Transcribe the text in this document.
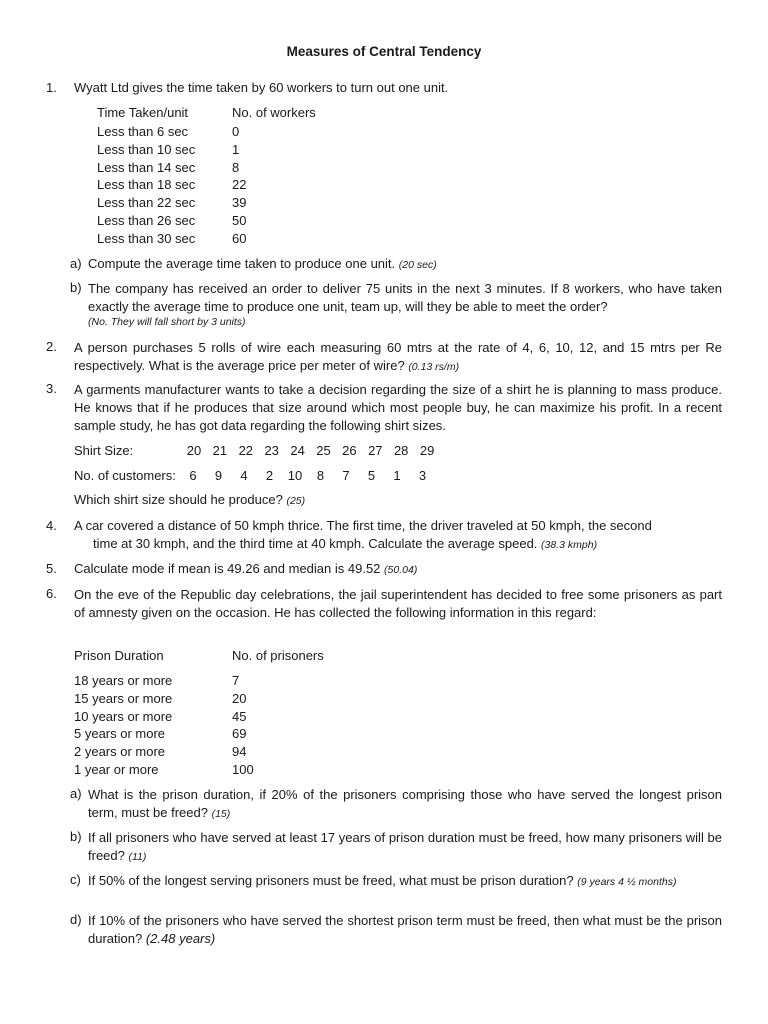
Measures of Central Tendency
1. Wyatt Ltd gives the time taken by 60 workers to turn out one unit.
Time Taken/unit	No. of workers
Less than 6 sec	0
Less than 10 sec	1
Less than 14 sec	8
Less than 18 sec	22
Less than 22 sec	39
Less than 26 sec	50
Less than 30 sec	60
a) Compute the average time taken to produce one unit. (20 sec)
b) The company has received an order to deliver 75 units in the next 3 minutes. If 8 workers, who have taken exactly the average time to produce one unit, team up, will they be able to meet the order?
(No. They will fall short by 3 units)
2. A person purchases 5 rolls of wire each measuring 60 mtrs at the rate of 4, 6, 10, 12, and 15 mtrs per Re respectively. What is the average price per meter of wire? (0.13 rs/m)
3. A garments manufacturer wants to take a decision regarding the size of a shirt he is planning to mass produce. He knows that if he produces that size around which most people buy, he can maximize his profit. In a recent sample study, he has got data regarding the following shirt sizes.
Shirt Size:	20 21 22 23 24 25 26 27 28 29
No. of customers:	6	9	4	2	10	8	7	5	1	3
Which shirt size should he produce? (25)
4. A car covered a distance of 50 kmph thrice. The first time, the driver traveled at 50 kmph, the second
time at 30 kmph, and the third time at 40 kmph. Calculate the average speed. (38.3 kmph)
5. Calculate mode if mean is 49.26 and median is 49.52 (50.04)
6. On the eve of the Republic day celebrations, the jail superintendent has decided to free some prisoners as part of amnesty given on the occasion. He has collected the following information in this regard:
Prison Duration	No. of prisoners
18 years or more	7
15 years or more	20
10 years or more	45
5 years or more	69
2 years or more	94
1 year or more	100
a) What is the prison duration, if 20% of the prisoners comprising those who have served the longest prison term, must be freed? (15)
b) If all prisoners who have served at least 17 years of prison duration must be freed, how many prisoners will be freed? (11)
c) If 50% of the longest serving prisoners must be freed, what must be prison duration? (9 years 4 ½ months)
d) If 10% of the prisoners who have served the shortest prison term must be freed, then what must be the prison duration? (2.48 years)
